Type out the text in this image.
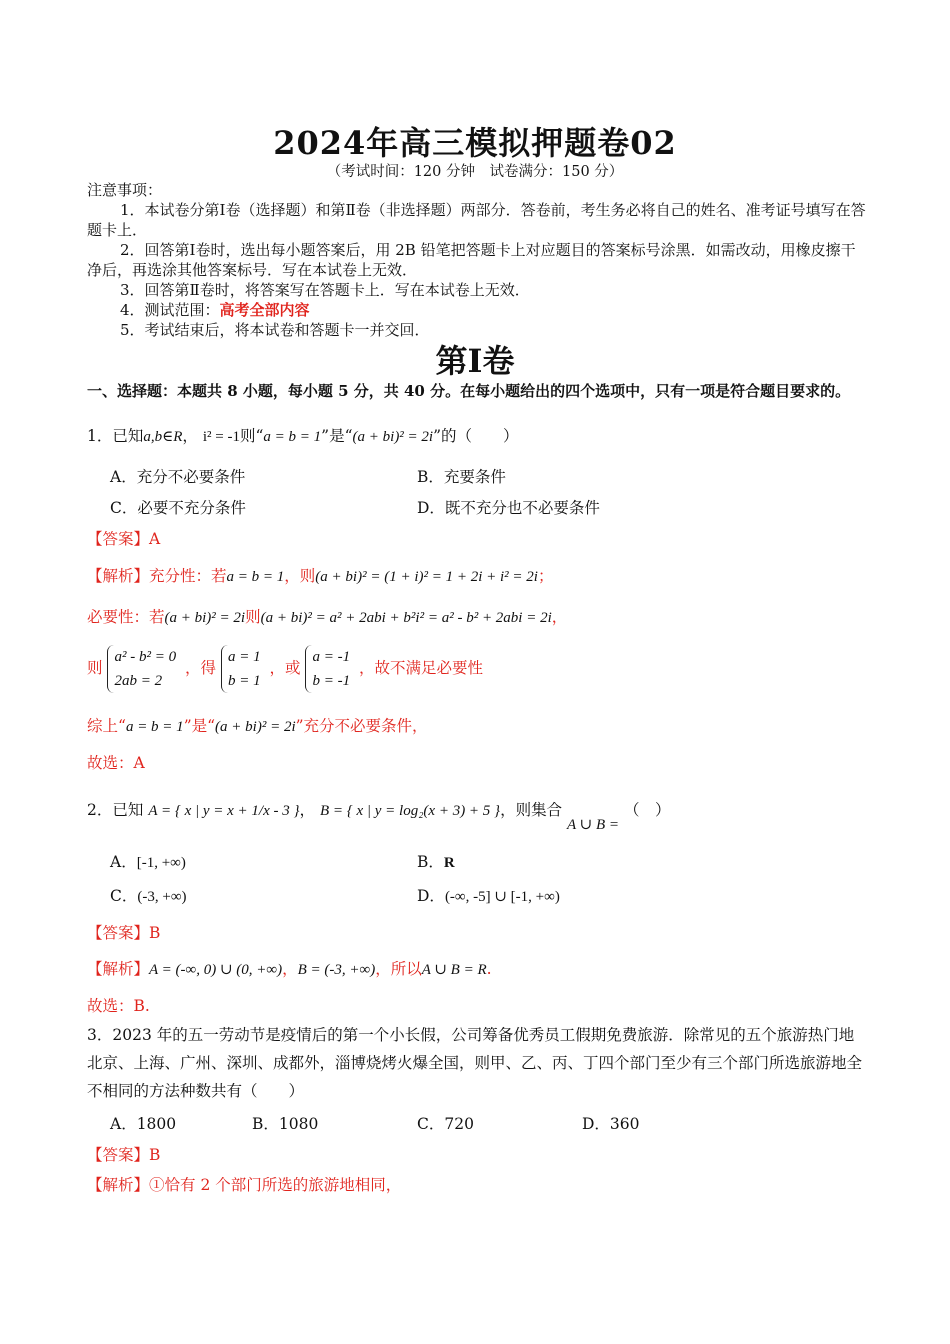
2024年高三模拟押题卷02
（考试时间：120 分钟　试卷满分：150 分）

注意事项：

1．本试卷分第Ⅰ卷（选择题）和第Ⅱ卷（非选择题）两部分．答卷前，考生务必将自己的姓名、准考证号填写在答题卡上．

2．回答第Ⅰ卷时，选出每小题答案后，用 2B 铅笔把答题卡上对应题目的答案标号涂黑．如需改动，用橡皮擦干净后，再选涂其他答案标号．写在本试卷上无效．

3．回答第Ⅱ卷时，将答案写在答题卡上．写在本试卷上无效．

4．测试范围：高考全部内容

5．考试结束后，将本试卷和答题卡一并交回．

第Ⅰ卷
一、选择题：本题共 8 小题，每小题 5 分，共 40 分。在每小题给出的四个选项中，只有一项是符合题目要求的。
1．已知a,b∈R， i² = -1则“a = b = 1”是“(a + bi)² = 2i”的（　　）
A．充分不必要条件	B．充要条件
C．必要不充分条件	D．既不充分也不必要条件
【答案】A
【解析】充分性：若a = b = 1，则(a + bi)² = (1 + i)² = 1 + 2i + i² = 2i；
必要性：若(a + bi)² = 2i则(a + bi)² = a² + 2abi + b²i² = a² - b² + 2abi = 2i，
则
a² - b² = 0
2ab = 2
，得
a = 1
b = 1
，或
a = -1
b = -1
，故不满足必要性
综上“a = b = 1”是“(a + bi)² = 2i”充分不必要条件，
故选：A
2．已知 A = { x | y = x + 1/x - 3 }， B = { x | y = log₂(x + 3) + 5 }，则集合 A ∪ B = （　）
A．[-1, +∞)	B．R
C．(-3, +∞)	D．(-∞, -5] ∪ [-1, +∞)
【答案】B
【解析】A = (-∞, 0) ∪ (0, +∞)，B = (-3, +∞)，所以A ∪ B = R.
故选：B.
3．2023 年的五一劳动节是疫情后的第一个小长假，公司筹备优秀员工假期免费旅游．除常见的五个旅游热门地北京、上海、广州、深圳、成都外，淄博烧烤火爆全国，则甲、乙、丙、丁四个部门至少有三个部门所选旅游地全不相同的方法种数共有（　　）
A．1800	B．1080	C．720	D．360
【答案】B
【解析】①恰有 2 个部门所选的旅游地相同，
